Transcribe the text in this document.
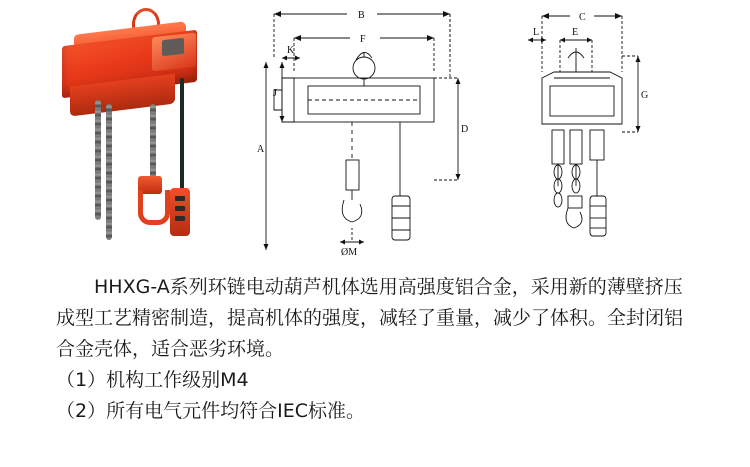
B
F
K
J
A
D
ØM
C
L	E
G

HHXG-A系列环链电动葫芦机体选用高强度铝合金，采用新的薄壁挤压成型工艺精密制造，提高机体的强度，减轻了重量，减少了体积。全封闭铝合金壳体，适合恶劣环境。

（1）机构工作级别M4

（2）所有电气元件均符合IEC标准。
